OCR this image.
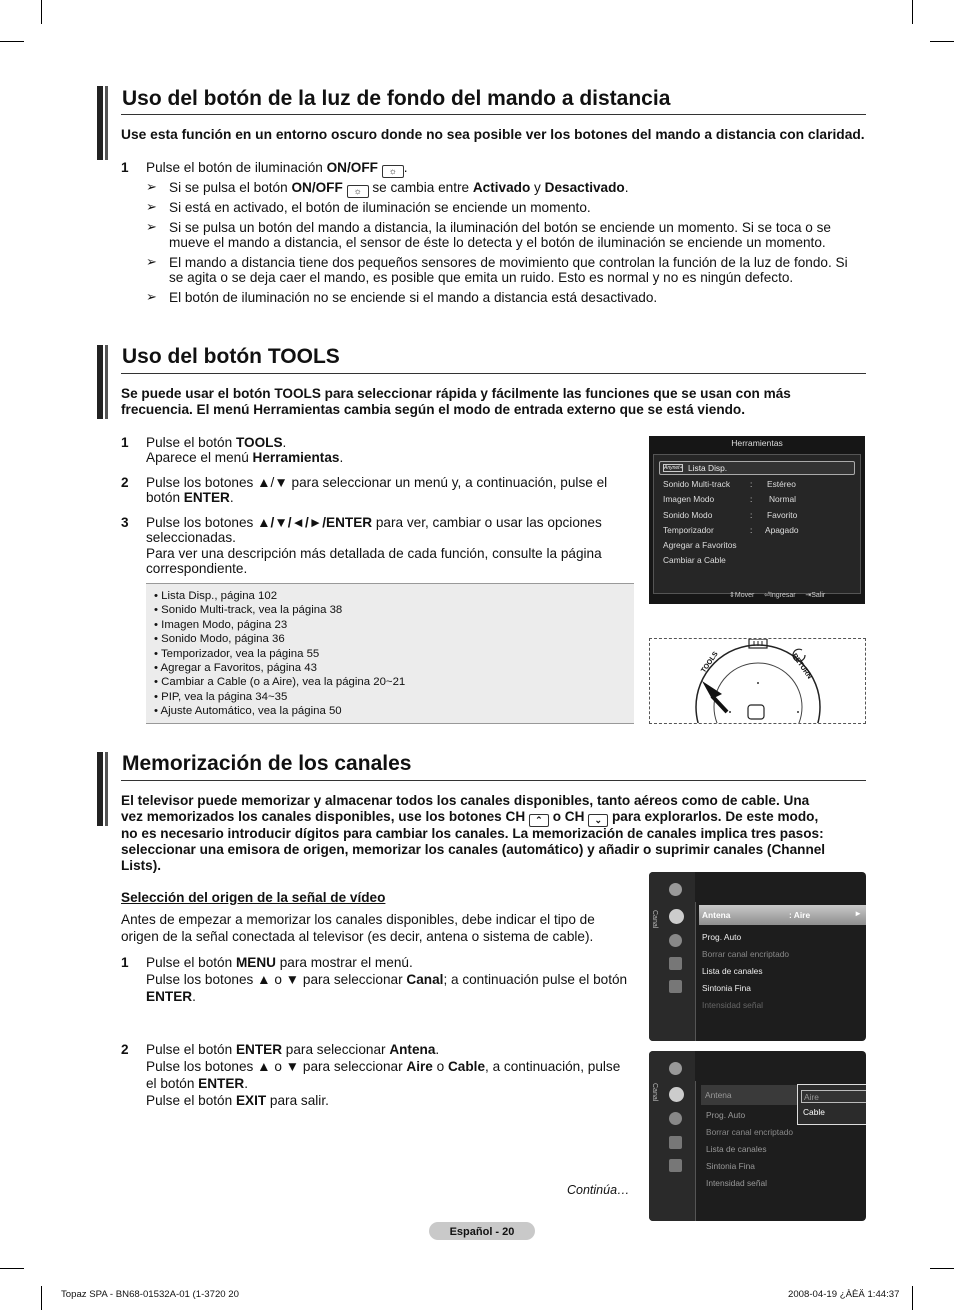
Uso del botón de la luz de fondo del mando a distancia
Use esta función en un entorno oscuro donde no sea posible ver los botones del mando a distancia con claridad.
1 Pulse el botón de iluminación ON/OFF ☼ .
➢ Si se pulsa el botón ON/OFF ☼ se cambia entre Activado y Desactivado.
➢ Si está en activado, el botón de iluminación se enciende un momento.
➢ Si se pulsa un botón del mando a distancia, la iluminación del botón se enciende un momento. Si se toca o se
mueve el mando a distancia, el sensor de éste lo detecta y el botón de iluminación se enciende un momento.
➢ El mando a distancia tiene dos pequeños sensores de movimiento que controlan la función de la luz de fondo. Si
se agita o se deja caer el mando, es posible que emita un ruido. Esto es normal y no es ningún defecto.
➢ El botón de iluminación no se enciende si el mando a distancia está desactivado.
Uso del botón TOOLS
Se puede usar el botón TOOLS para seleccionar rápida y fácilmente las funciones que se usan con más
frecuencia. El menú Herramientas cambia según el modo de entrada externo que se está viendo.
1 Pulse el botón TOOLS.
Aparece el menú Herramientas.
2 Pulse los botones ▲/▼ para seleccionar un menú y, a continuación, pulse el
botón ENTER.
3 Pulse los botones ▲/▼/◄/►/ENTER para ver, cambiar o usar las opciones
seleccionadas.
Para ver una descripción más detallada de cada función, consulte la página
correspondiente.
• Lista Disp., página 102
• Sonido Multi-track, vea la página 38
• Imagen Modo, página 23
• Sonido Modo, página 36
• Temporizador, vea la página 55
• Agregar a Favoritos, página 43
• Cambiar a Cable (o a Aire), vea la página 20~21
• PIP, vea la página 34~35
• Ajuste Automático, vea la página 50
Herramientas
Anynet+ Lista Disp.
Sonido Multi-track : Estéreo
Imagen Modo	: Normal
Sonido Modo	: Favorito
Temporizador	: Apagado
Agregar a Favoritos
Cambiar a Cable
⇕Mover ⏎Ingresar ⇥Salir
TOOLS	RETURN
Memorización de los canales
El televisor puede memorizar y almacenar todos los canales disponibles, tanto aéreos como de cable. Una
vez memorizados los canales disponibles, use los botones CH ⌃ o CH ⌄ para explorarlos. De este modo,
no es necesario introducir dígitos para cambiar los canales. La memorización de canales implica tres pasos:
seleccionar una emisora de origen, memorizar los canales (automático) y añadir o suprimir canales (Channel
Lists).
Selección del origen de la señal de vídeo
Antes de empezar a memorizar los canales disponibles, debe indicar el tipo de
origen de la señal conectada al televisor (es decir, antena o sistema de cable).
1 Pulse el botón MENU para mostrar el menú.
Pulse los botones ▲ o ▼ para seleccionar Canal; a continuación pulse el botón
ENTER.
2 Pulse el botón ENTER para seleccionar Antena.
Pulse los botones ▲ o ▼ para seleccionar Aire o Cable, a continuación, pulse
el botón ENTER.
Pulse el botón EXIT para salir.
Continúa…
Canal	Antena	: Aire	►
Prog. Auto
Borrar canal encriptado
Lista de canales
Sintonia Fina
Intensidad señal
Canal	Antena
Prog. Auto
Borrar canal encriptado
Lista de canales
Sintonia Fina
Intensidad señal
Aire
Cable
Español - 20
Topaz SPA - BN68-01532A-01 (1-3720 20	2008-04-19 ¿ÀÈÄ 1:44:37
